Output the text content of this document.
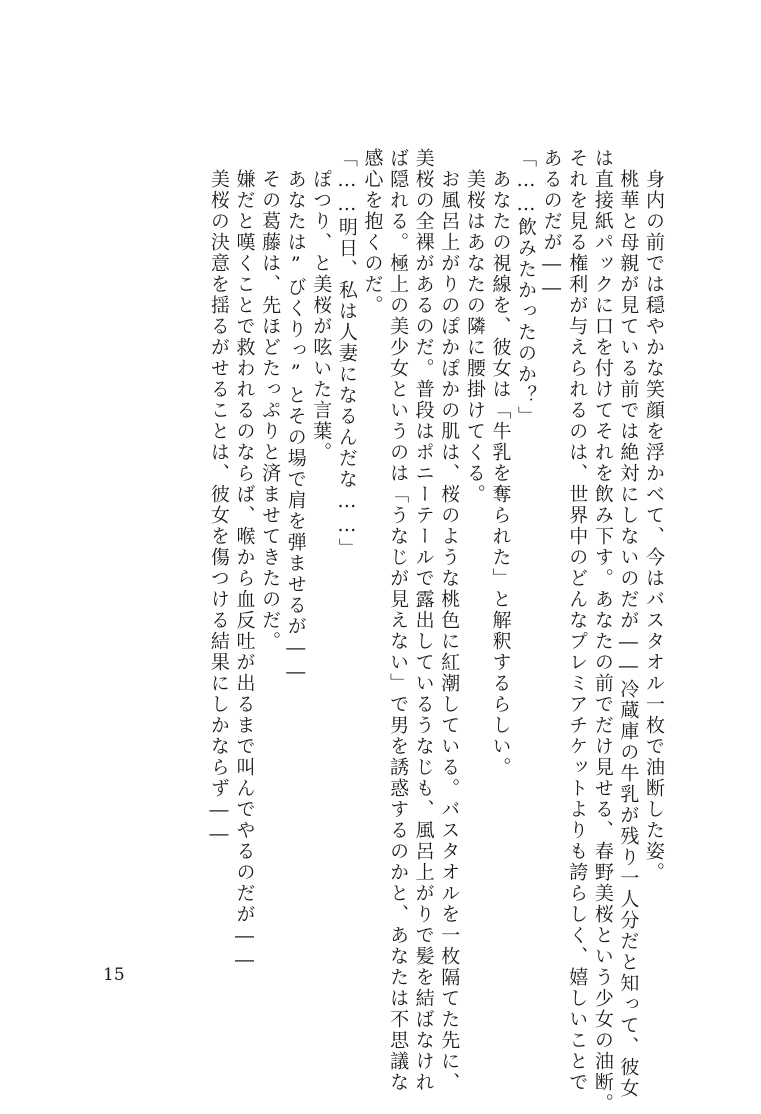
　身内の前では穏やかな笑顔を浮かべて、今はバスタオル一枚で油断した姿。
　桃華と母親が見ている前では絶対にしないのだが――冷蔵庫の牛乳が残り一人分だと知って、彼女
は直接紙パックに口を付けてそれを飲み下す。あなたの前でだけ見せる、春野美桜という少女の油断。
それを見る権利が与えられるのは、世界中のどんなプレミアチケットよりも誇らしく、嬉しいことで
あるのだが――
「……飲みたかったのか？」
　あなたの視線を、彼女は「牛乳を奪られた」と解釈するらしい。
　美桜はあなたの隣に腰掛けてくる。
　お風呂上がりのぽかぽかの肌は、桜のような桃色に紅潮している。バスタオルを一枚隔てた先に、
美桜の全裸があるのだ。普段はポニーテールで露出しているうなじも、風呂上がりで髪を結ばなけれ
ば隠れる。極上の美少女というのは「うなじが見えない」で男を誘惑するのかと、あなたは不思議な
感心を抱くのだ。
「……明日、私は人妻になるんだな……」
　ぽつり、と美桜が呟いた言葉。
　あなたは”びくりっ”とその場で肩を弾ませるが――
　その葛藤は、先ほどたっぷりと済ませてきたのだ。
　嫌だと嘆くことで救われるのならば、喉から血反吐が出るまで叫んでやるのだが――
　美桜の決意を揺るがせることは、彼女を傷つける結果にしかならず――
15
